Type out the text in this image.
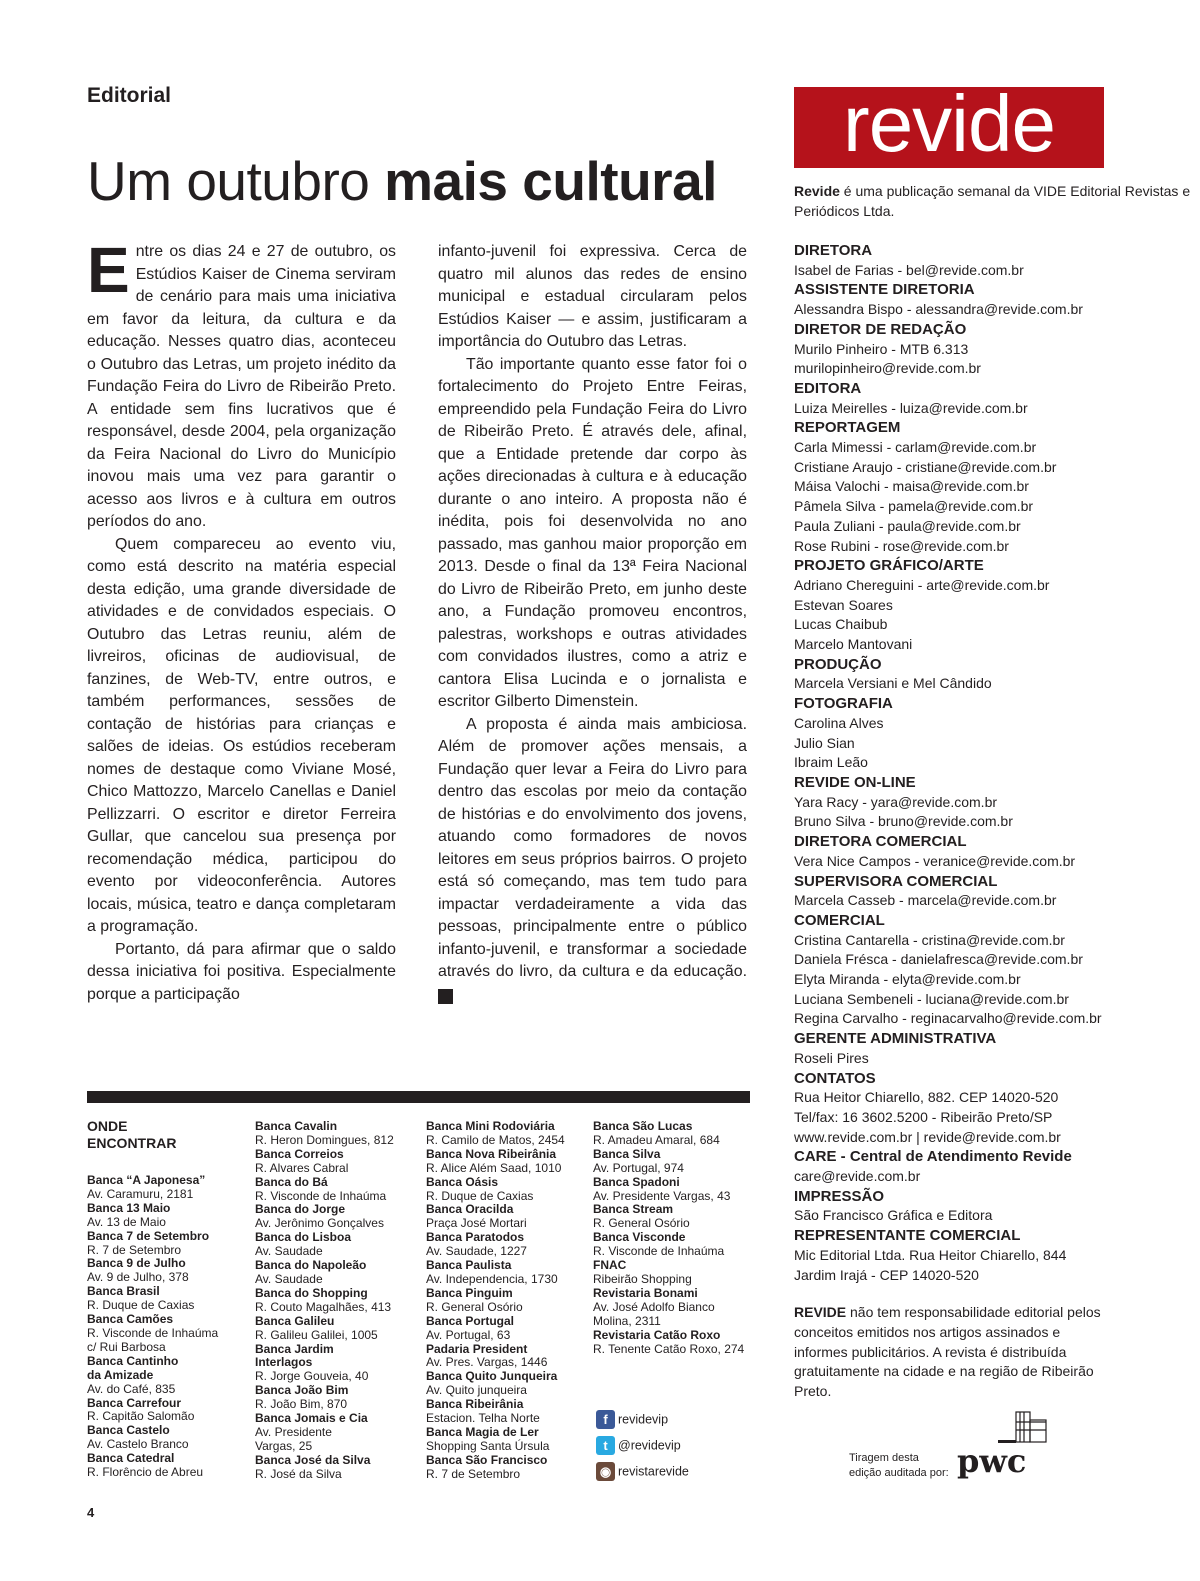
Editorial
Um outubro mais cultural

Entre os dias 24 e 27 de outubro, os Estúdios Kaiser de Cinema serviram de cenário para mais uma iniciativa em favor da leitura, da cultura e da educação. Nesses quatro dias, aconteceu o Outubro das Letras, um projeto inédito da Fundação Feira do Livro de Ribeirão Preto. A entidade sem fins lucrativos que é responsável, desde 2004, pela organização da Feira Nacional do Livro do Município inovou mais uma vez para garantir o acesso aos livros e à cultura em outros períodos do ano.

Quem compareceu ao evento viu, como está descrito na matéria especial desta edição, uma grande diversidade de atividades e de convidados especiais. O Outubro das Letras reuniu, além de livreiros, oficinas de audiovisual, de fanzines, de Web-TV, entre outros, e também performances, sessões de contação de histórias para crianças e salões de ideias. Os estúdios receberam nomes de destaque como Viviane Mosé, Chico Mattozzo, Marcelo Canellas e Daniel Pellizzarri. O escritor e diretor Ferreira Gullar, que cancelou sua presença por recomendação médica, participou do evento por videoconferência. Autores locais, música, teatro e dança completaram a programação.

Portanto, dá para afirmar que o saldo dessa iniciativa foi positiva. Especialmente porque a participação

infanto-juvenil foi expressiva. Cerca de quatro mil alunos das redes de ensino municipal e estadual circularam pelos Estúdios Kaiser — e assim, justificaram a importância do Outubro das Letras.

Tão importante quanto esse fator foi o fortalecimento do Projeto Entre Feiras, empreendido pela Fundação Feira do Livro de Ribeirão Preto. É através dele, afinal, que a Entidade pretende dar corpo às ações direcionadas à cultura e à educação durante o ano inteiro. A proposta não é inédita, pois foi desenvolvida no ano passado, mas ganhou maior proporção em 2013. Desde o final da 13ª Feira Nacional do Livro de Ribeirão Preto, em junho deste ano, a Fundação promoveu encontros, palestras, workshops e outras atividades com convidados ilustres, como a atriz e cantora Elisa Lucinda e o jornalista e escritor Gilberto Dimenstein.

A proposta é ainda mais ambiciosa. Além de promover ações mensais, a Fundação quer levar a Feira do Livro para dentro das escolas por meio da contação de histórias e do envolvimento dos jovens, atuando como formadores de novos leitores em seus próprios bairros. O projeto está só começando, mas tem tudo para impactar verdadeiramente a vida das pessoas, principalmente entre o público infanto-juvenil, e transformar a sociedade através do livro, da cultura e da educação. r

ONDE
ENCONTRAR
Banca “A Japonesa”
Av. Caramuru, 2181
Banca 13 Maio
Av. 13 de Maio
Banca 7 de Setembro
R. 7 de Setembro
Banca 9 de Julho
Av. 9 de Julho, 378
Banca Brasil
R. Duque de Caxias
Banca Camões
R. Visconde de Inhaúma
c/ Rui Barbosa
Banca Cantinho
da Amizade
Av. do Café, 835
Banca Carrefour
R. Capitão Salomão
Banca Castelo
Av. Castelo Branco
Banca Catedral
R. Florêncio de Abreu
Banca Cavalin
R. Heron Domingues, 812
Banca Correios
R. Alvares Cabral
Banca do Bá
R. Visconde de Inhaúma
Banca do Jorge
Av. Jerônimo Gonçalves
Banca do Lisboa
Av. Saudade
Banca do Napoleão
Av. Saudade
Banca do Shopping
R. Couto Magalhães, 413
Banca Galileu
R. Galileu Galilei, 1005
Banca Jardim
Interlagos
R. Jorge Gouveia, 40
Banca João Bim
R. João Bim, 870
Banca Jomais e Cia
Av. Presidente
Vargas, 25
Banca José da Silva
R. José da Silva
Banca Mini Rodoviária
R. Camilo de Matos, 2454
Banca Nova Ribeirânia
R. Alice Além Saad, 1010
Banca Oásis
R. Duque de Caxias
Banca Oracilda
Praça José Mortari
Banca Paratodos
Av. Saudade, 1227
Banca Paulista
Av. Independencia, 1730
Banca Pinguim
R. General Osório
Banca Portugal
Av. Portugal, 63
Padaria President
Av. Pres. Vargas, 1446
Banca Quito Junqueira
Av. Quito junqueira
Banca Ribeirânia
Estacion. Telha Norte
Banca Magia de Ler
Shopping Santa Úrsula
Banca São Francisco
R. 7 de Setembro
Banca São Lucas
R. Amadeu Amaral, 684
Banca Silva
Av. Portugal, 974
Banca Spadoni
Av. Presidente Vargas, 43
Banca Stream
R. General Osório
Banca Visconde
R. Visconde de Inhaúma
FNAC
Ribeirão Shopping
Revistaria Bonami
Av. José Adolfo Bianco
Molina, 2311
Revistaria Catão Roxo
R. Tenente Catão Roxo, 274
f revidevip
t @revidevip
◉ revistarevide
revide
Revide é uma publicação semanal da VIDE Editorial Revistas e Periódicos Ltda.
DIRETORA
Isabel de Farias - bel@revide.com.br
ASSISTENTE DIRETORIA
Alessandra Bispo - alessandra@revide.com.br
DIRETOR DE REDAÇÃO
Murilo Pinheiro - MTB 6.313
murilopinheiro@revide.com.br
EDITORA
Luiza Meirelles - luiza@revide.com.br
REPORTAGEM
Carla Mimessi - carlam@revide.com.br
Cristiane Araujo - cristiane@revide.com.br
Máisa Valochi - maisa@revide.com.br
Pâmela Silva - pamela@revide.com.br
Paula Zuliani - paula@revide.com.br
Rose Rubini - rose@revide.com.br
PROJETO GRÁFICO/ARTE
Adriano Chereguini - arte@revide.com.br
Estevan Soares
Lucas Chaibub
Marcelo Mantovani
PRODUÇÃO
Marcela Versiani e Mel Cândido
FOTOGRAFIA
Carolina Alves
Julio Sian
Ibraim Leão
REVIDE ON-LINE
Yara Racy - yara@revide.com.br
Bruno Silva - bruno@revide.com.br
DIRETORA COMERCIAL
Vera Nice Campos - veranice@revide.com.br
SUPERVISORA COMERCIAL
Marcela Casseb - marcela@revide.com.br
COMERCIAL
Cristina Cantarella - cristina@revide.com.br
Daniela Frésca - danielafresca@revide.com.br
Elyta Miranda - elyta@revide.com.br
Luciana Sembeneli - luciana@revide.com.br
Regina Carvalho - reginacarvalho@revide.com.br
GERENTE ADMINISTRATIVA
Roseli Pires
CONTATOS
Rua Heitor Chiarello, 882. CEP 14020-520
Tel/fax: 16 3602.5200 - Ribeirão Preto/SP
www.revide.com.br | revide@revide.com.br
CARE - Central de Atendimento Revide
care@revide.com.br
IMPRESSÃO
São Francisco Gráfica e Editora
REPRESENTANTE COMERCIAL
Mic Editorial Ltda. Rua Heitor Chiarello, 844
Jardim Irajá - CEP 14020-520
REVIDE não tem responsabilidade editorial pelos conceitos emitidos nos artigos assinados e informes publicitários. A revista é distribuída gratuitamente na cidade e na região de Ribeirão Preto.
Tiragem desta
edição auditada por: pwc
4
